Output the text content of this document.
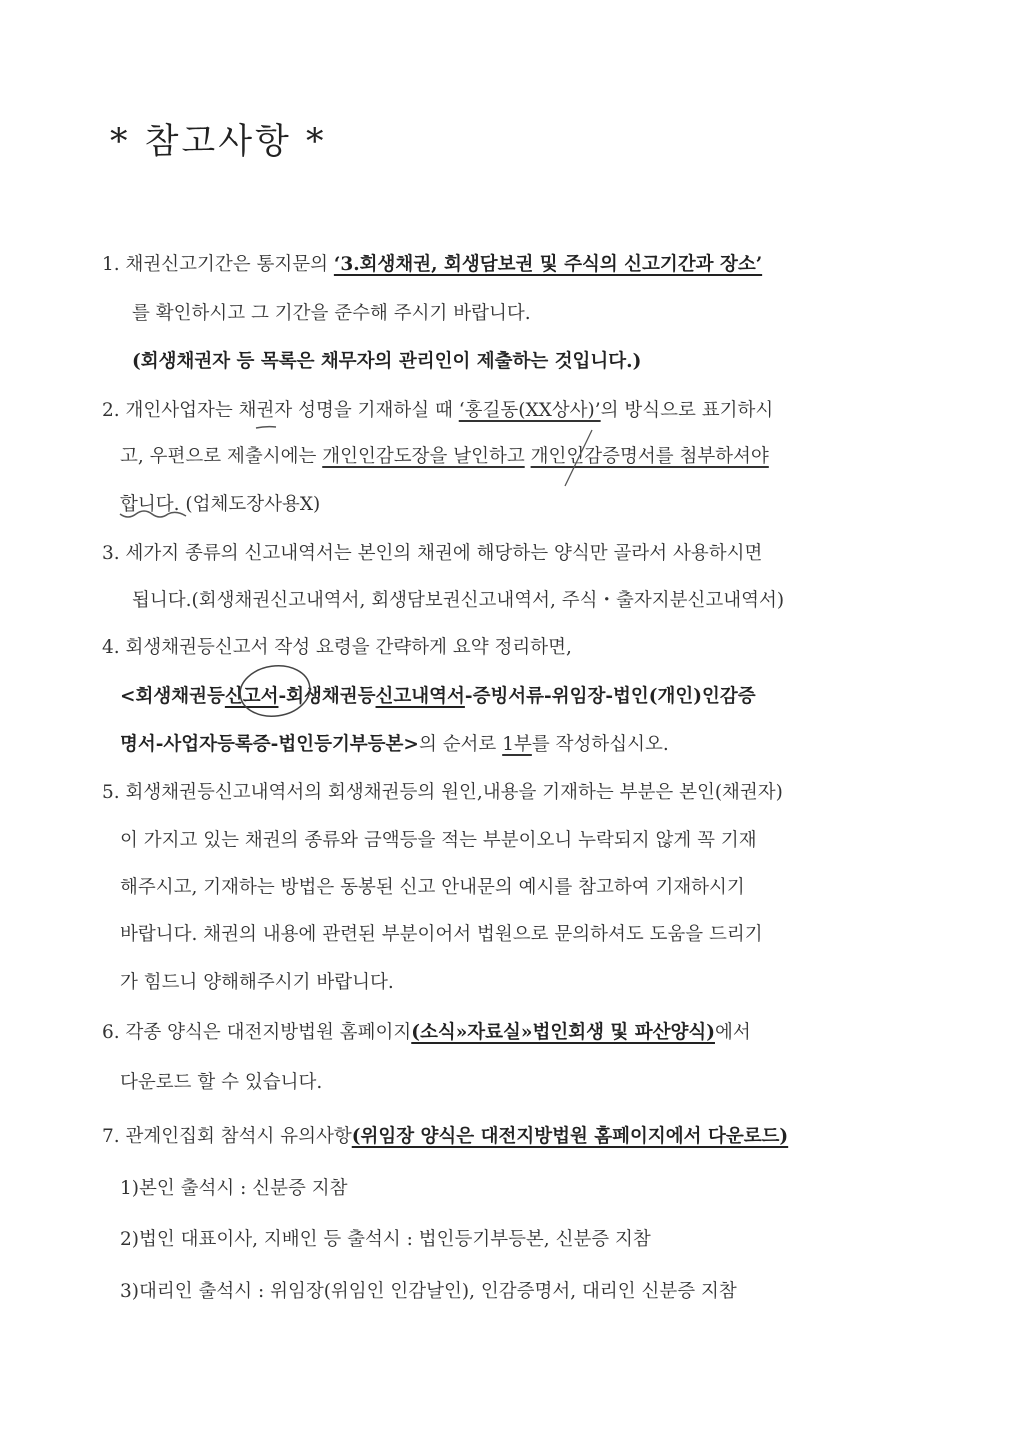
* 참고사항 *
1. 채권신고기간은 통지문의 ‘3.회생채권, 회생담보권 및 주식의 신고기간과 장소’
를 확인하시고 그 기간을 준수해 주시기 바랍니다.
(회생채권자 등 목록은 채무자의 관리인이 제출하는 것입니다.)
2. 개인사업자는 채권자 성명을 기재하실 때 ‘홍길동(XX상사)’의 방식으로 표기하시
고, 우편으로 제출시에는 개인인감도장을 날인하고 개인인감증명서를 첨부하셔야
합니다. (업체도장사용X)
3. 세가지 종류의 신고내역서는 본인의 채권에 해당하는 양식만 골라서 사용하시면
됩니다.(회생채권신고내역서, 회생담보권신고내역서, 주식・출자지분신고내역서)
4. 회생채권등신고서 작성 요령을 간략하게 요약 정리하면,
<회생채권등신고서-회생채권등신고내역서-증빙서류-위임장-법인(개인)인감증
명서-사업자등록증-법인등기부등본>의 순서로 1부를 작성하십시오.
5. 회생채권등신고내역서의 회생채권등의 원인,내용을 기재하는 부분은 본인(채권자)
이 가지고 있는 채권의 종류와 금액등을 적는 부분이오니 누락되지 않게 꼭 기재
해주시고, 기재하는 방법은 동봉된 신고 안내문의 예시를 참고하여 기재하시기
바랍니다. 채권의 내용에 관련된 부분이어서 법원으로 문의하셔도 도움을 드리기
가 힘드니 양해해주시기 바랍니다.
6. 각종 양식은 대전지방법원 홈페이지(소식»자료실»법인회생 및 파산양식)에서
다운로드 할 수 있습니다.
7. 관계인집회 참석시 유의사항(위임장 양식은 대전지방법원 홈페이지에서 다운로드)
1)본인 출석시 : 신분증 지참
2)법인 대표이사, 지배인 등 출석시 : 법인등기부등본, 신분증 지참
3)대리인 출석시 : 위임장(위임인 인감날인), 인감증명서, 대리인 신분증 지참
